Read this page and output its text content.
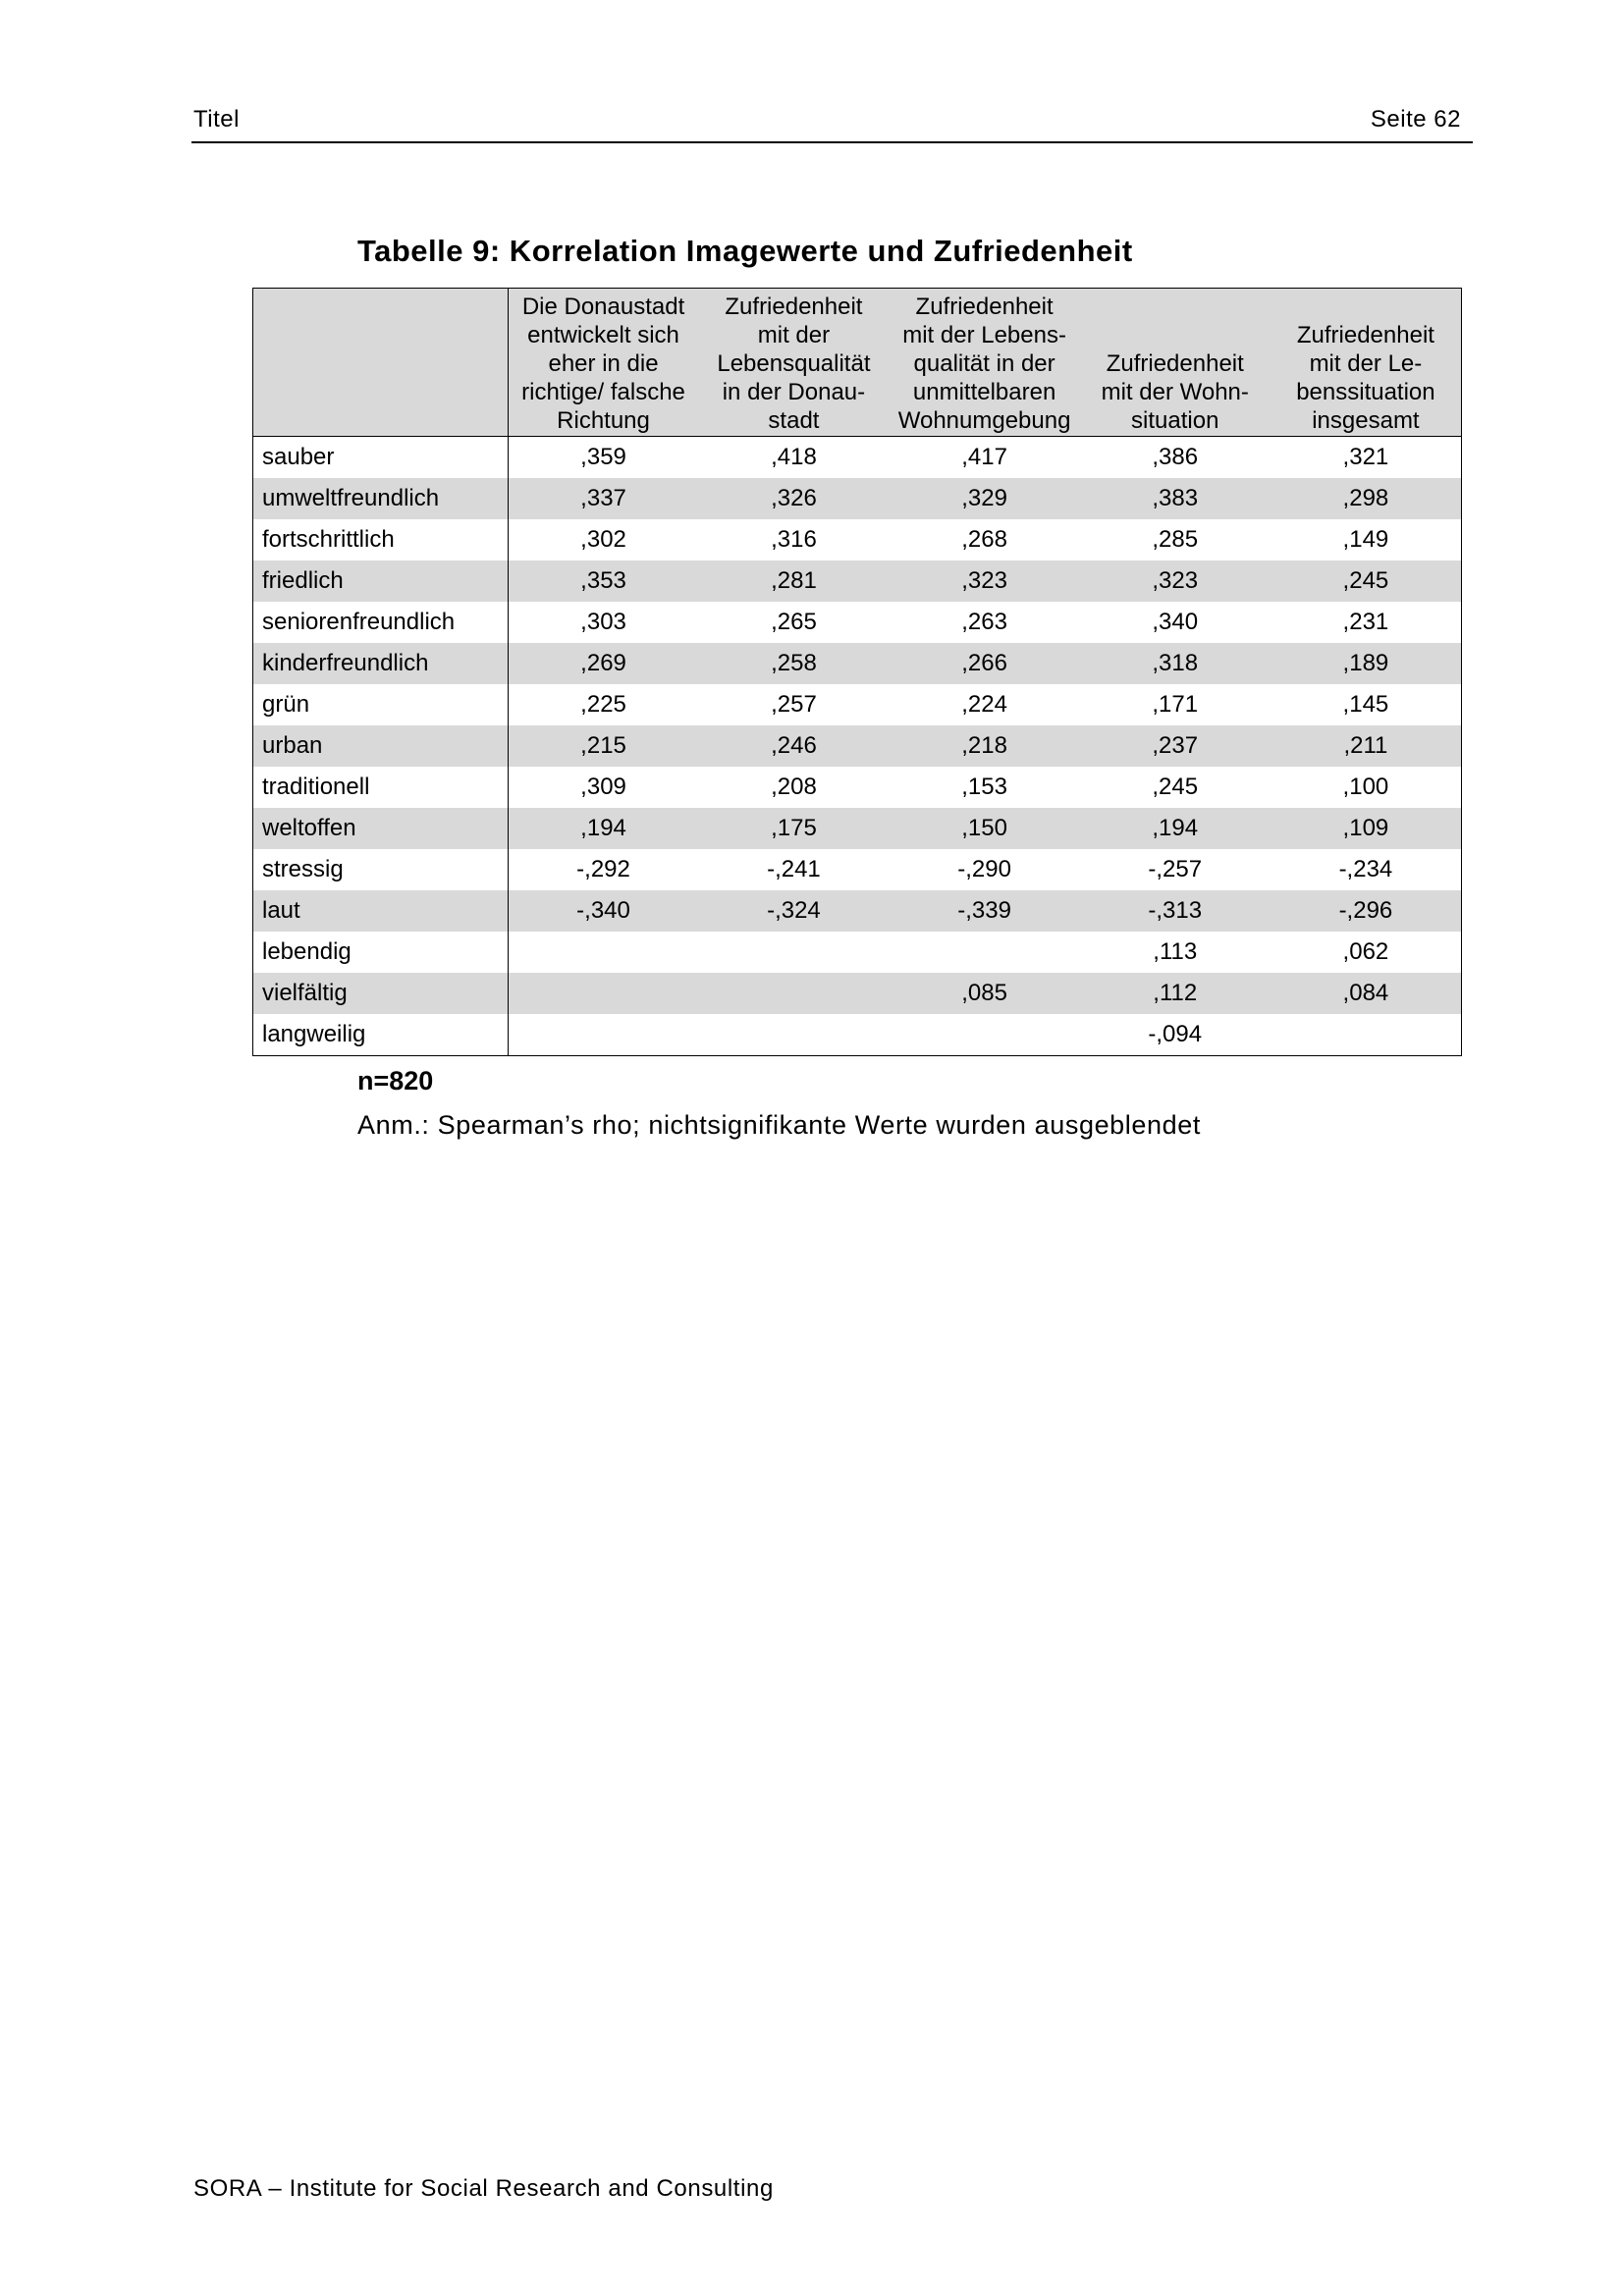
Titel	Seite 62
Tabelle 9: Korrelation Imagewerte und Zufriedenheit
	Die Donaustadt
entwickelt sich
eher in die
richtige/ falsche
Richtung	Zufriedenheit
mit der
Lebensqualität
in der Donau-
stadt	Zufriedenheit
mit der Lebens-
qualität in der
unmittelbaren
Wohnumgebung	Zufriedenheit
mit der Wohn-
situation	Zufriedenheit
mit der Le-
benssituation
insgesamt
sauber	,359	,418	,417	,386	,321
umweltfreundlich	,337	,326	,329	,383	,298
fortschrittlich	,302	,316	,268	,285	,149
friedlich	,353	,281	,323	,323	,245
seniorenfreundlich	,303	,265	,263	,340	,231
kinderfreundlich	,269	,258	,266	,318	,189
grün	,225	,257	,224	,171	,145
urban	,215	,246	,218	,237	,211
traditionell	,309	,208	,153	,245	,100
weltoffen	,194	,175	,150	,194	,109
stressig	-,292	-,241	-,290	-,257	-,234
laut	-,340	-,324	-,339	-,313	-,296
lebendig				,113	,062
vielfältig			,085	,112	,084
langweilig				-,094	
n=820
Anm.: Spearman’s rho; nichtsignifikante Werte wurden ausgeblendet
SORA – Institute for Social Research and Consulting
